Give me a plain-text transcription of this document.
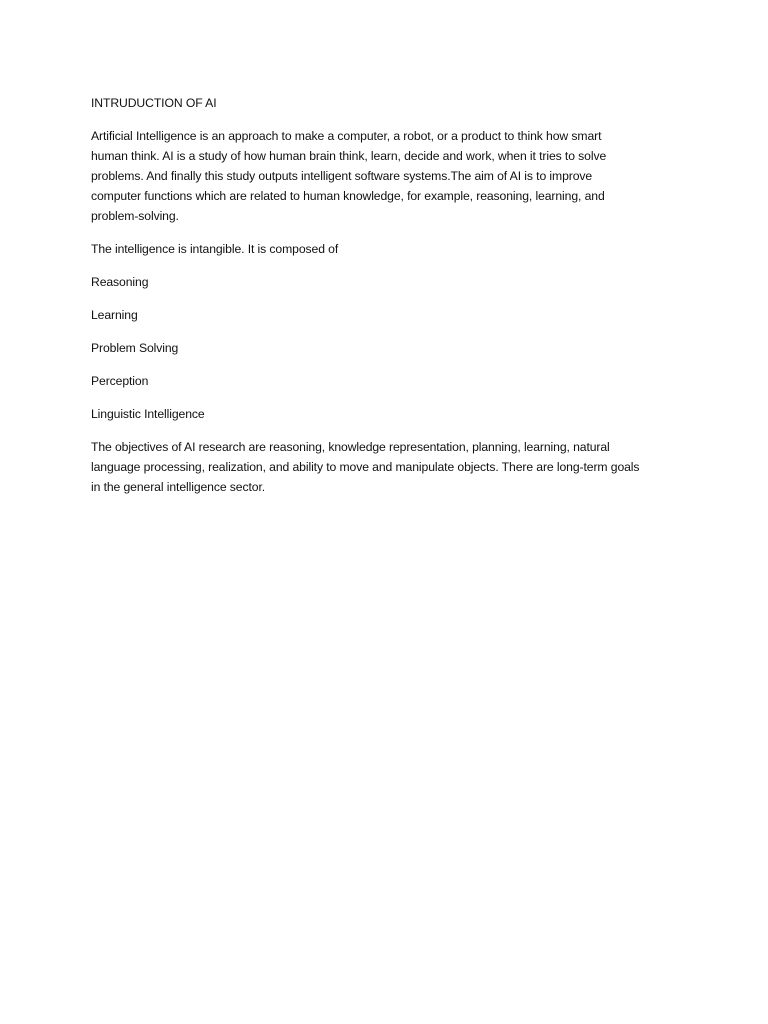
INTRUDUCTION OF AI

Artificial Intelligence is an approach to make a computer, a robot, or a product to think how smart
human think. AI is a study of how human brain think, learn, decide and work, when it tries to solve
problems. And finally this study outputs intelligent software systems.The aim of AI is to improve
computer functions which are related to human knowledge, for example, reasoning, learning, and
problem-solving.

The intelligence is intangible. It is composed of

Reasoning

Learning

Problem Solving

Perception

Linguistic Intelligence

The objectives of AI research are reasoning, knowledge representation, planning, learning, natural
language processing, realization, and ability to move and manipulate objects. There are long-term goals
in the general intelligence sector.
